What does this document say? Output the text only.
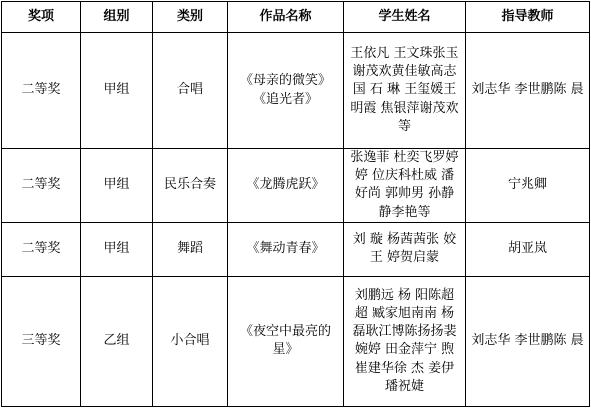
奖项	组别	类别	作品名称	学生姓名	指导教师
二等奖	甲组	合唱	《母亲的微笑》《追光者》	王依凡 王文珠张玉 谢茂欢黄佳敏高志国 石 琳 王玺媛王明霞 焦银萍谢茂欢等	刘志华 李世鹏陈 晨
二等奖	甲组	民乐合奏	《龙腾虎跃》	张逸菲 杜奕飞罗婷婷 位庆科杜威 潘好尚 郭帅男 孙静静李艳等	宁兆卿
二等奖	甲组	舞蹈	《舞动青春》	刘 璇 杨茜茜张 姣 王 婷贺启蒙	胡亚岚
三等奖	乙组	小合唱	《夜空中最亮的星》	刘鹏远 杨 阳陈超超 臧家旭南南 杨 磊耿江博陈扬扬裴婉婷 田金萍宁 煦 崔建华徐 杰 姜伊璠祝婕	刘志华 李世鹏陈 晨
